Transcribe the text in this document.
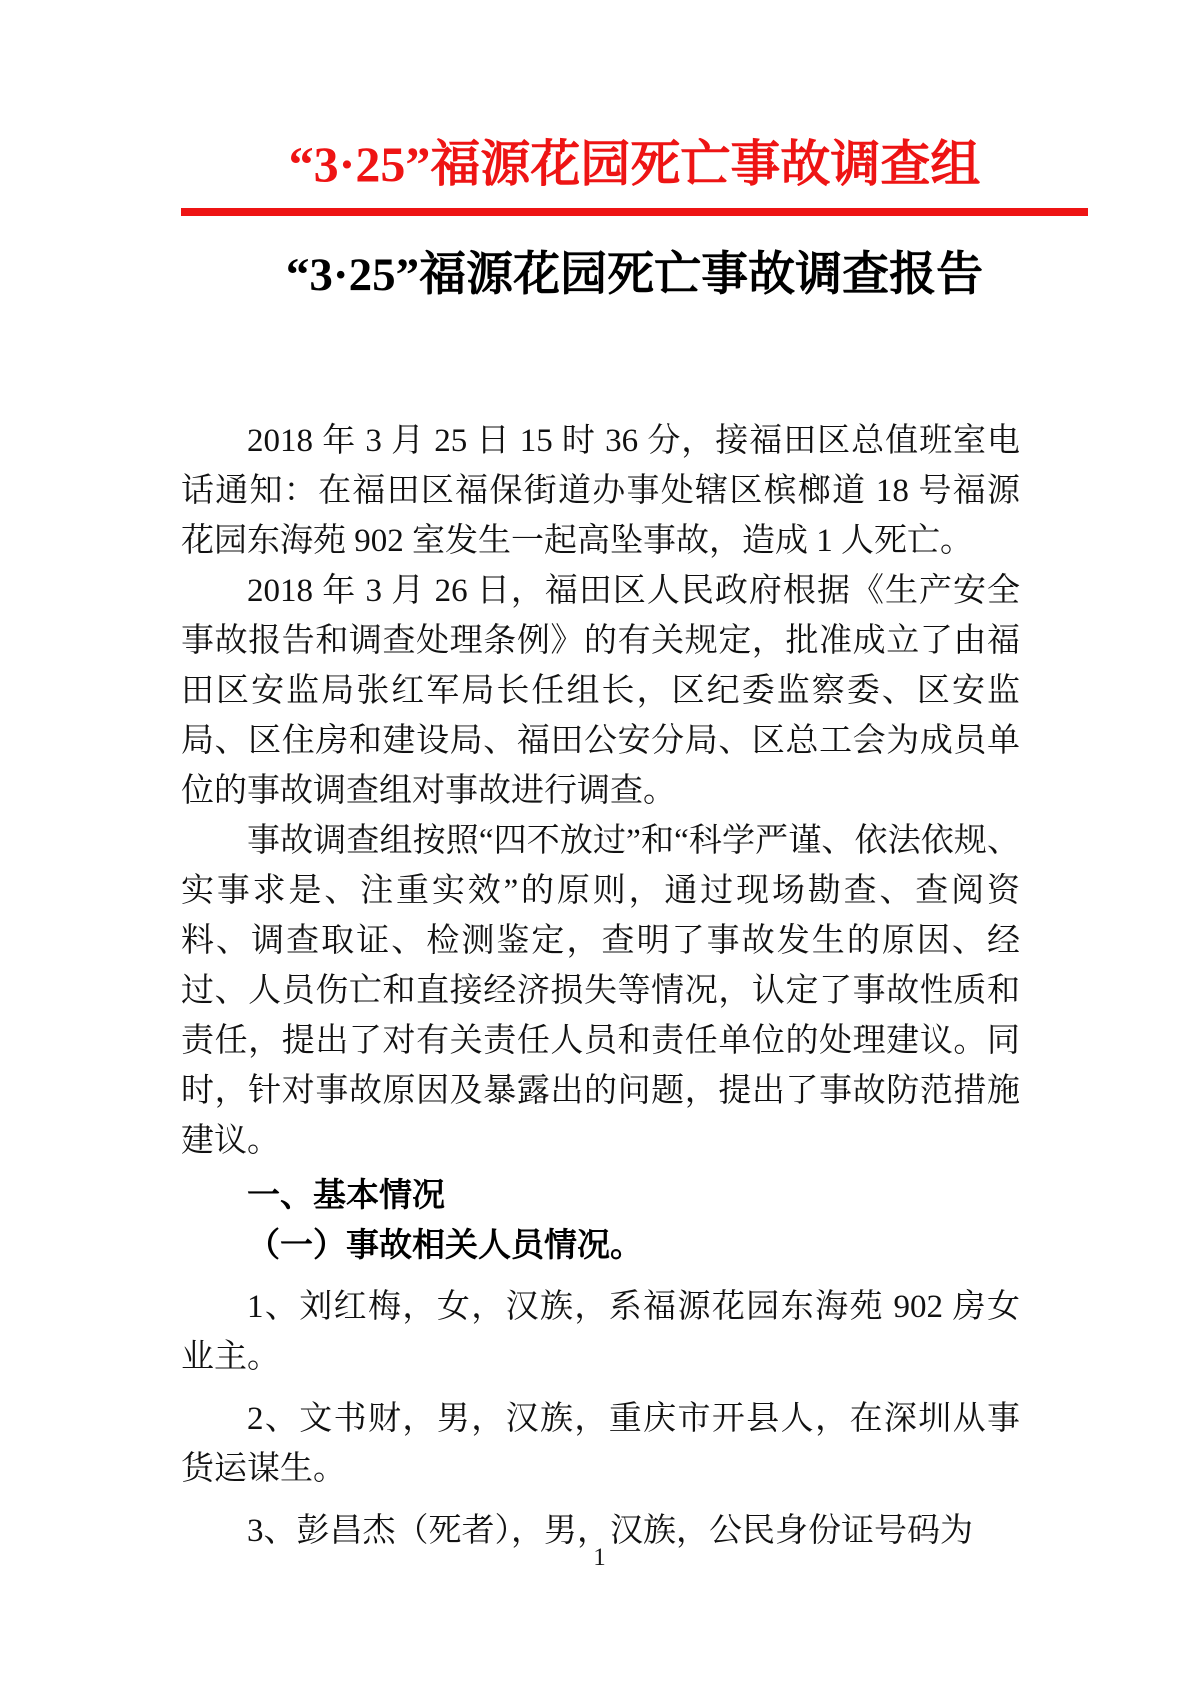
“3·25”福源花园死亡事故调查组
“3·25”福源花园死亡事故调查报告

2018 年 3 月 25 日 15 时 36 分，接福田区总值班室电话通知：在福田区福保街道办事处辖区槟榔道 18 号福源花园东海苑 902 室发生一起高坠事故，造成 1 人死亡。

2018 年 3 月 26 日，福田区人民政府根据《生产安全事故报告和调查处理条例》的有关规定，批准成立了由福田区安监局张红军局长任组长，区纪委监察委、区安监局、区住房和建设局、福田公安分局、区总工会为成员单位的事故调查组对事故进行调查。

事故调查组按照“四不放过”和“科学严谨、依法依规、实事求是、注重实效”的原则，通过现场勘查、查阅资料、调查取证、检测鉴定，查明了事故发生的原因、经过、人员伤亡和直接经济损失等情况，认定了事故性质和责任，提出了对有关责任人员和责任单位的处理建议。同时，针对事故原因及暴露出的问题，提出了事故防范措施建议。

一、基本情况

（一）事故相关人员情况。

1、刘红梅，女，汉族，系福源花园东海苑 902 房女业主。

2、文书财，男，汉族，重庆市开县人，在深圳从事货运谋生。

3、彭昌杰（死者），男，汉族，公民身份证号码为

1
